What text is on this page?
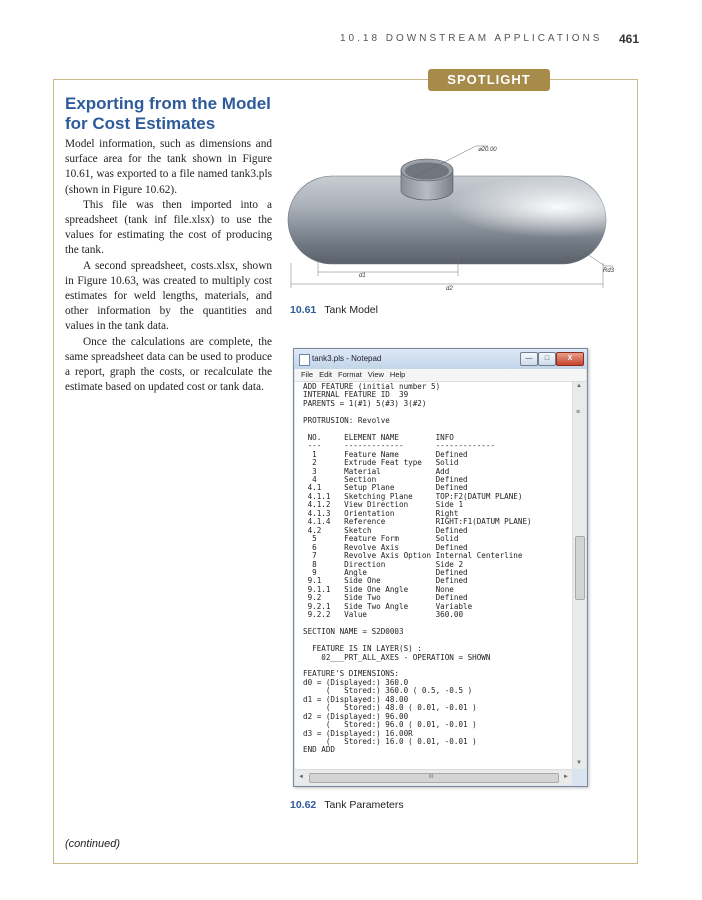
10.18 DOWNSTREAM APPLICATIONS 461
SPOTLIGHT
Exporting from the Model for Cost Estimates

Model information, such as dimensions and surface area for the tank shown in Figure 10.61, was exported to a file named tank3.pls (shown in Figure 10.62).

This file was then imported into a spreadsheet (tank inf file.xlsx) to use the values for estimating the cost of producing the tank.

A second spreadsheet, costs.xlsx, shown in Figure 10.63, was created to multiply cost estimates for weld lengths, materials, and other information by the quantities and values in the tank data.

Once the calculations are complete, the same spreadsheet data can be used to produce a report, graph the costs, or recalculate the estimate based on updated cost or tank data.

⌀20.00
d1
d2
Rd3
10.61 Tank Model
tank3.pls - Notepad	—	□	X
File Edit Format View Help
ADD FEATURE (initial number 5)
INTERNAL FEATURE ID  39
PARENTS = 1(#1) 5(#3) 3(#2)

PROTRUSION: Revolve

NO.     ELEMENT NAME        INFO
---     -------------       -------------
1      Feature Name        Defined
2      Extrude Feat type   Solid
3      Material            Add
4      Section             Defined
4.1     Setup Plane         Defined
4.1.1   Sketching Plane     TOP:F2(DATUM PLANE)
4.1.2   View Direction      Side 1
4.1.3   Orientation         Right
4.1.4   Reference           RIGHT:F1(DATUM PLANE)
4.2     Sketch              Defined
5      Feature Form        Solid
6      Revolve Axis        Defined
7      Revolve Axis Option Internal Centerline
8      Direction           Side 2
9      Angle               Defined
9.1     Side One            Defined
9.1.1   Side One Angle      None
9.2     Side Two            Defined
9.2.1   Side Two Angle      Variable
9.2.2   Value               360.00

SECTION NAME = S2D0003

FEATURE IS IN LAYER(S) :
02___PRT_ALL_AXES - OPERATION = SHOWN

FEATURE'S DIMENSIONS:
d0 = (Displayed:) 360.0
(   Stored:) 360.0 ( 0.5, -0.5 )
d1 = (Displayed:) 48.00
(   Stored:) 48.0 ( 0.01, -0.01 )
d2 = (Displayed:) 96.00
(   Stored:) 96.0 ( 0.01, -0.01 )
d3 = (Displayed:) 16.00R
(   Stored:) 16.0 ( 0.01, -0.01 )
END ADD

▲
≡
▼
◄	III	►
10.62 Tank Parameters
(continued)
